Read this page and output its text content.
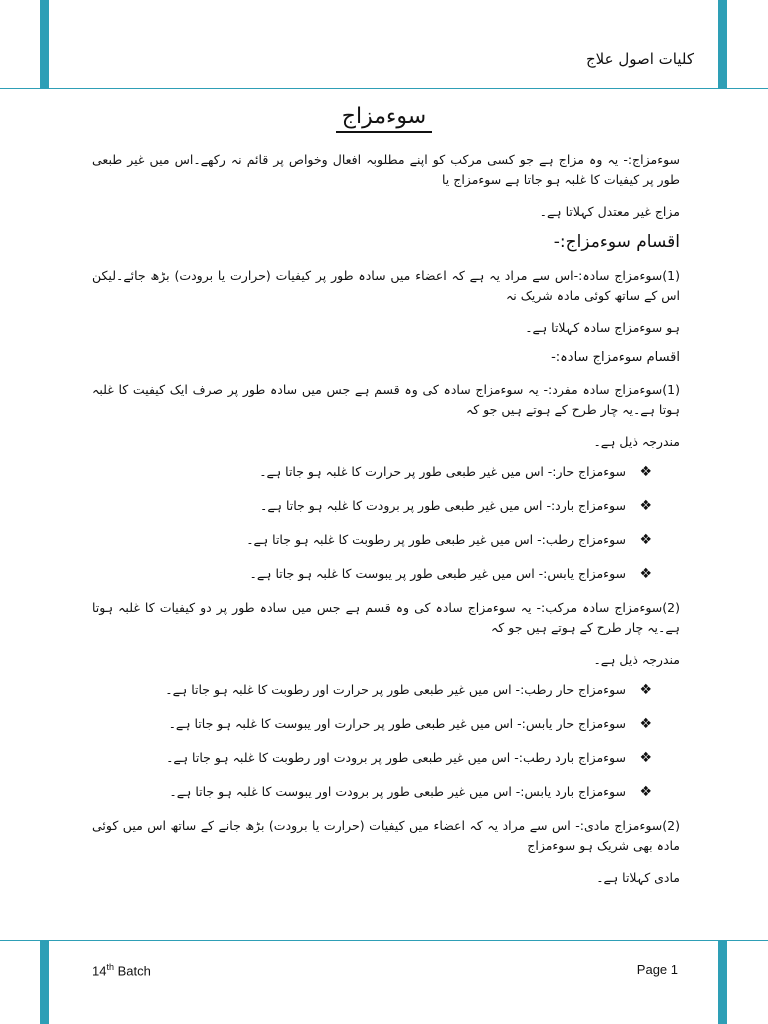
کلیات اصول علاج
سوءمزاج
سوءمزاج:- یہ وہ مزاج ہے جو کسی مرکب کو اپنے مطلوبہ افعال وخواص پر قائم نہ رکھے۔اس میں غیر طبعی طور پر کیفیات کا غلبہ ہو جاتا ہے سوءمزاج یا
مزاج غیر معتدل کہلاتا ہے۔
اقسام سوءمزاج:-
(1)سوءمزاج سادہ:-اس سے مراد یہ ہے کہ اعضاء میں سادہ طور پر کیفیات (حرارت یا برودت) بڑھ جائے۔لیکن اس کے ساتھ کوئی مادہ شریک نہ
ہو سوءمزاج سادہ کہلاتا ہے۔
اقسام سوءمزاج سادہ:-
(1)سوءمزاج سادہ مفرد:- یہ سوءمزاج سادہ کی وہ قسم ہے جس میں سادہ طور پر صرف ایک کیفیت کا غلبہ ہوتا ہے۔یہ چار طرح کے ہوتے ہیں جو کہ
مندرجہ ذیل ہے۔
❖
سوءمزاج حار:- اس میں غیر طبعی طور پر حرارت کا غلبہ ہو جاتا ہے۔
❖
سوءمزاج بارد:- اس میں غیر طبعی طور پر برودت کا غلبہ ہو جاتا ہے۔
❖
سوءمزاج رطب:- اس میں غیر طبعی طور پر رطوبت کا غلبہ ہو جاتا ہے۔
❖
سوءمزاج یابس:- اس میں غیر طبعی طور پر یبوست کا غلبہ ہو جاتا ہے۔
(2)سوءمزاج سادہ مرکب:- یہ سوءمزاج سادہ کی وہ قسم ہے جس میں سادہ طور پر دو کیفیات کا غلبہ ہوتا ہے۔یہ چار طرح کے ہوتے ہیں جو کہ
مندرجہ ذیل ہے۔
❖
سوءمزاج حار رطب:- اس میں غیر طبعی طور پر حرارت اور رطوبت کا غلبہ ہو جاتا ہے۔
❖
سوءمزاج حار یابس:- اس میں غیر طبعی طور پر حرارت اور یبوست کا غلبہ ہو جاتا ہے۔
❖
سوءمزاج بارد رطب:- اس میں غیر طبعی طور پر برودت اور رطوبت کا غلبہ ہو جاتا ہے۔
❖
سوءمزاج بارد یابس:- اس میں غیر طبعی طور پر برودت اور یبوست کا غلبہ ہو جاتا ہے۔
(2)سوءمزاج مادی:- اس سے مراد یہ کہ اعضاء میں کیفیات (حرارت یا برودت) بڑھ جانے کے ساتھ اس میں کوئی مادہ بھی شریک ہو سوءمزاج
مادی کہلاتا ہے۔
14th Batch	Page 1
